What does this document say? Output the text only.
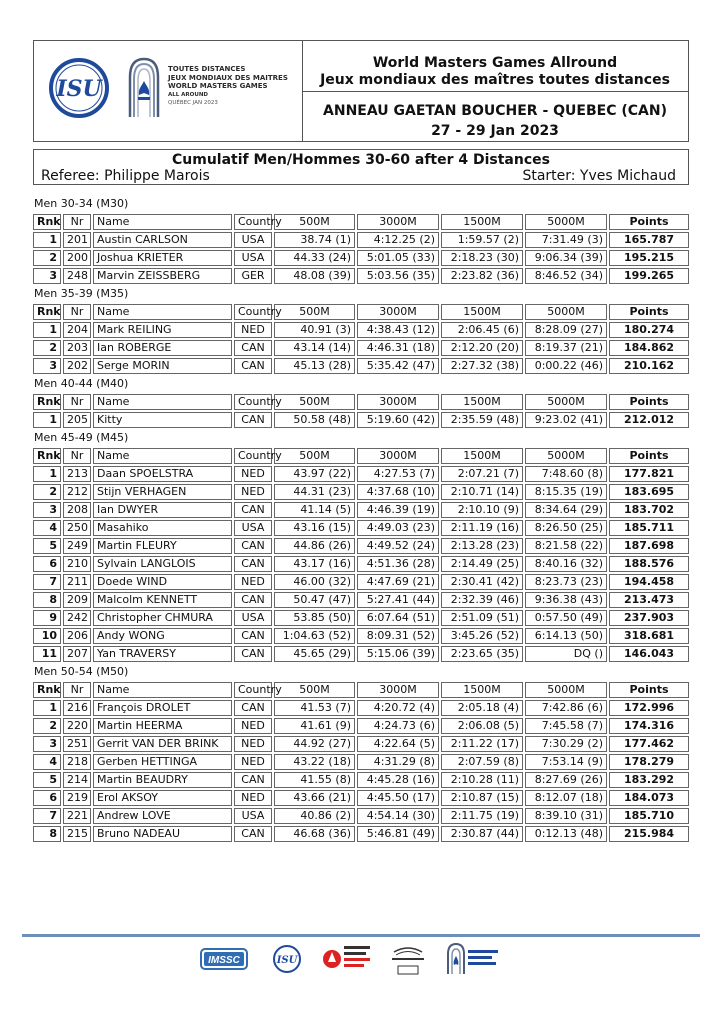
ISU
TOUTES DISTANCES
JEUX MONDIAUX DES MAITRES
WORLD MASTERS GAMES
ALL AROUND
QUÉBEC JAN 2023
World Masters Games Allround
Jeux mondiaux des maîtres toutes distances
ANNEAU GAETAN BOUCHER - QUEBEC (CAN)
27 - 29 Jan 2023
Cumulatif Men/Hommes 30-60 after 4 Distances
Referee: Philippe Marois	Starter: Yves Michaud
Men 30-34 (M30)
Rnk	Nr	Name	Country	500M	3000M	1500M	5000M	Points
1	201	Austin CARLSON	USA	38.74 (1)	4:12.25 (2)	1:59.57 (2)	7:31.49 (3)	165.787
2	200	Joshua KRIETER	USA	44.33 (24)	5:01.05 (33)	2:18.23 (30)	9:06.34 (39)	195.215
3	248	Marvin ZEISSBERG	GER	48.08 (39)	5:03.56 (35)	2:23.82 (36)	8:46.52 (34)	199.265
Men 35-39 (M35)
Rnk	Nr	Name	Country	500M	3000M	1500M	5000M	Points
1	204	Mark REILING	NED	40.91 (3)	4:38.43 (12)	2:06.45 (6)	8:28.09 (27)	180.274
2	203	Ian ROBERGE	CAN	43.14 (14)	4:46.31 (18)	2:12.20 (20)	8:19.37 (21)	184.862
3	202	Serge MORIN	CAN	45.13 (28)	5:35.42 (47)	2:27.32 (38)	0:00.22 (46)	210.162
Men 40-44 (M40)
Rnk	Nr	Name	Country	500M	3000M	1500M	5000M	Points
1	205	Kitty	CAN	50.58 (48)	5:19.60 (42)	2:35.59 (48)	9:23.02 (41)	212.012
Men 45-49 (M45)
Rnk	Nr	Name	Country	500M	3000M	1500M	5000M	Points
1	213	Daan SPOELSTRA	NED	43.97 (22)	4:27.53 (7)	2:07.21 (7)	7:48.60 (8)	177.821
2	212	Stijn VERHAGEN	NED	44.31 (23)	4:37.68 (10)	2:10.71 (14)	8:15.35 (19)	183.695
3	208	Ian DWYER	CAN	41.14 (5)	4:46.39 (19)	2:10.10 (9)	8:34.64 (29)	183.702
4	250	Masahiko	USA	43.16 (15)	4:49.03 (23)	2:11.19 (16)	8:26.50 (25)	185.711
5	249	Martin FLEURY	CAN	44.86 (26)	4:49.52 (24)	2:13.28 (23)	8:21.58 (22)	187.698
6	210	Sylvain LANGLOIS	CAN	43.17 (16)	4:51.36 (28)	2:14.49 (25)	8:40.16 (32)	188.576
7	211	Doede WIND	NED	46.00 (32)	4:47.69 (21)	2:30.41 (42)	8:23.73 (23)	194.458
8	209	Malcolm KENNETT	CAN	50.47 (47)	5:27.41 (44)	2:32.39 (46)	9:36.38 (43)	213.473
9	242	Christopher CHMURA	USA	53.85 (50)	6:07.64 (51)	2:51.09 (51)	0:57.50 (49)	237.903
10	206	Andy WONG	CAN	1:04.63 (52)	8:09.31 (52)	3:45.26 (52)	6:14.13 (50)	318.681
11	207	Yan TRAVERSY	CAN	45.65 (29)	5:15.06 (39)	2:23.65 (35)	DQ ()	146.043
Men 50-54 (M50)
Rnk	Nr	Name	Country	500M	3000M	1500M	5000M	Points
1	216	François DROLET	CAN	41.53 (7)	4:20.72 (4)	2:05.18 (4)	7:42.86 (6)	172.996
2	220	Martin HEERMA	NED	41.61 (9)	4:24.73 (6)	2:06.08 (5)	7:45.58 (7)	174.316
3	251	Gerrit VAN DER BRINK	NED	44.92 (27)	4:22.64 (5)	2:11.22 (17)	7:30.29 (2)	177.462
4	218	Gerben HETTINGA	NED	43.22 (18)	4:31.29 (8)	2:07.59 (8)	7:53.14 (9)	178.279
5	214	Martin BEAUDRY	CAN	41.55 (8)	4:45.28 (16)	2:10.28 (11)	8:27.69 (26)	183.292
6	219	Erol AKSOY	NED	43.66 (21)	4:45.50 (17)	2:10.87 (15)	8:12.07 (18)	184.073
7	221	Andrew LOVE	USA	40.86 (2)	4:54.14 (30)	2:11.75 (19)	8:39.10 (31)	185.710
8	215	Bruno NADEAU	CAN	46.68 (36)	5:46.81 (49)	2:30.87 (44)	0:12.13 (48)	215.984
IMSSC	ISU
